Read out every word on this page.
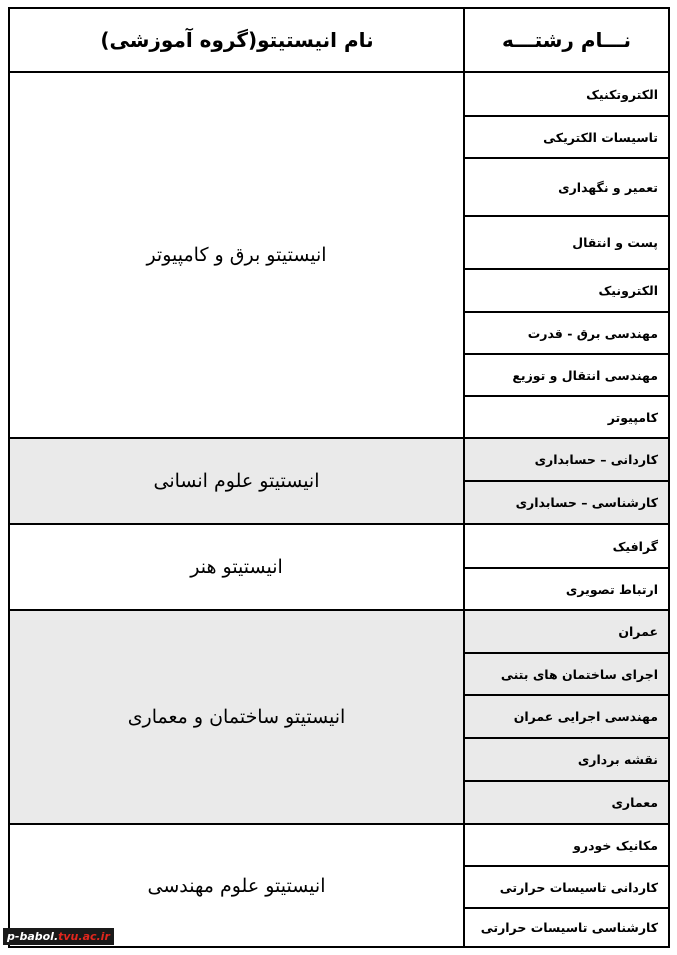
نام انیستیتو(گروه آموزشی)	نـــام رشتـــه
انیستیتو برق و کامپیوتر
الکتروتکنیک
تاسیسات الکتریکی
تعمیر و نگهداری
پست و انتقال
الکترونیک
مهندسی برق - قدرت
مهندسی انتقال و توزیع
کامپیوتر
انیستیتو علوم انسانی
کاردانی – حسابداری
کارشناسی – حسابداری
انیستیتو هنر
گرافیک
ارتباط تصویری
انیستیتو ساختمان و معماری
عمران
اجرای ساختمان های بتنی
مهندسی اجرایی عمران
نقشه برداری
معماری
انیستیتو علوم مهندسی
مکانیک خودرو
کاردانی تاسیسات حرارتی
کارشناسی تاسیسات حرارتی
p-babol. tvu.ac.ir
